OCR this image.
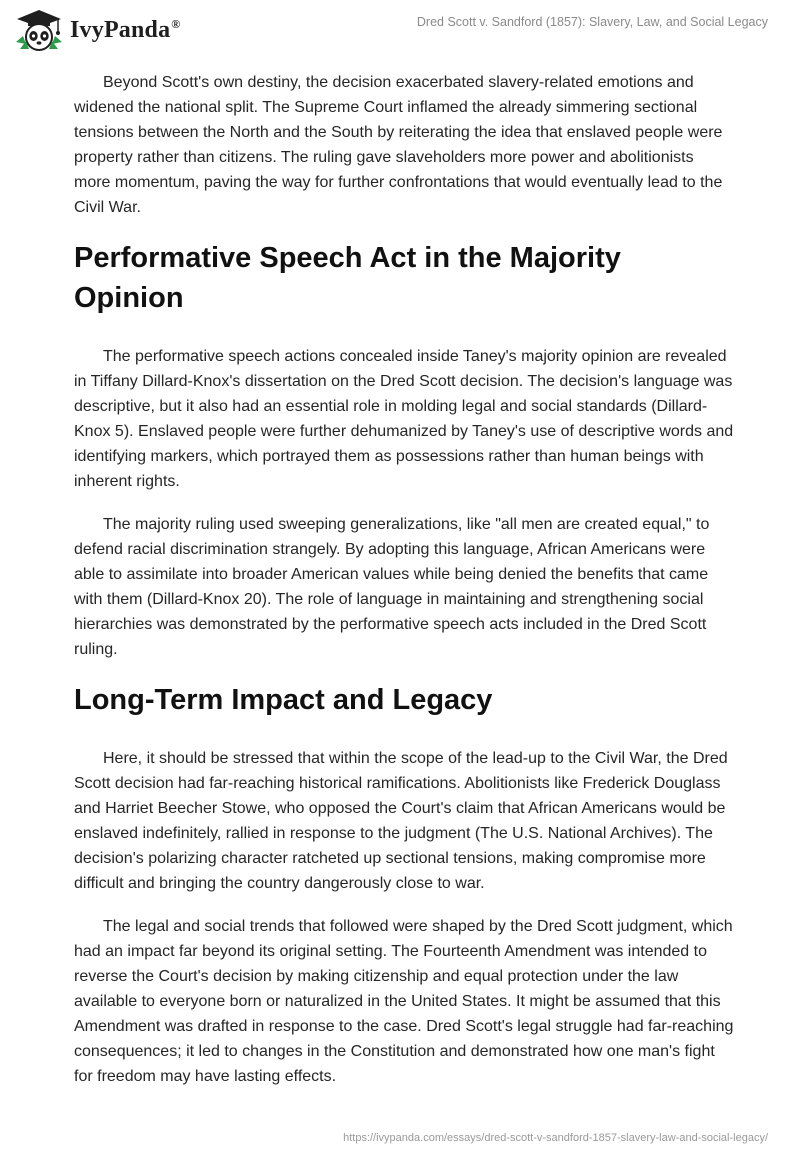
IvyPanda®	Dred Scott v. Sandford (1857): Slavery, Law, and Social Legacy

Beyond Scott's own destiny, the decision exacerbated slavery-related emotions and widened the national split. The Supreme Court inflamed the already simmering sectional tensions between the North and the South by reiterating the idea that enslaved people were property rather than citizens. The ruling gave slaveholders more power and abolitionists more momentum, paving the way for further confrontations that would eventually lead to the Civil War.

Performative Speech Act in the Majority Opinion

The performative speech actions concealed inside Taney's majority opinion are revealed in Tiffany Dillard-Knox's dissertation on the Dred Scott decision. The decision's language was descriptive, but it also had an essential role in molding legal and social standards (Dillard-Knox 5). Enslaved people were further dehumanized by Taney's use of descriptive words and identifying markers, which portrayed them as possessions rather than human beings with inherent rights.

The majority ruling used sweeping generalizations, like "all men are created equal," to defend racial discrimination strangely. By adopting this language, African Americans were able to assimilate into broader American values while being denied the benefits that came with them (Dillard-Knox 20). The role of language in maintaining and strengthening social hierarchies was demonstrated by the performative speech acts included in the Dred Scott ruling.

Long-Term Impact and Legacy

Here, it should be stressed that within the scope of the lead-up to the Civil War, the Dred Scott decision had far-reaching historical ramifications. Abolitionists like Frederick Douglass and Harriet Beecher Stowe, who opposed the Court's claim that African Americans would be enslaved indefinitely, rallied in response to the judgment (The U.S. National Archives). The decision's polarizing character ratcheted up sectional tensions, making compromise more difficult and bringing the country dangerously close to war.

The legal and social trends that followed were shaped by the Dred Scott judgment, which had an impact far beyond its original setting. The Fourteenth Amendment was intended to reverse the Court's decision by making citizenship and equal protection under the law available to everyone born or naturalized in the United States. It might be assumed that this Amendment was drafted in response to the case. Dred Scott's legal struggle had far-reaching consequences; it led to changes in the Constitution and demonstrated how one man's fight for freedom may have lasting effects.

https://ivypanda.com/essays/dred-scott-v-sandford-1857-slavery-law-and-social-legacy/
